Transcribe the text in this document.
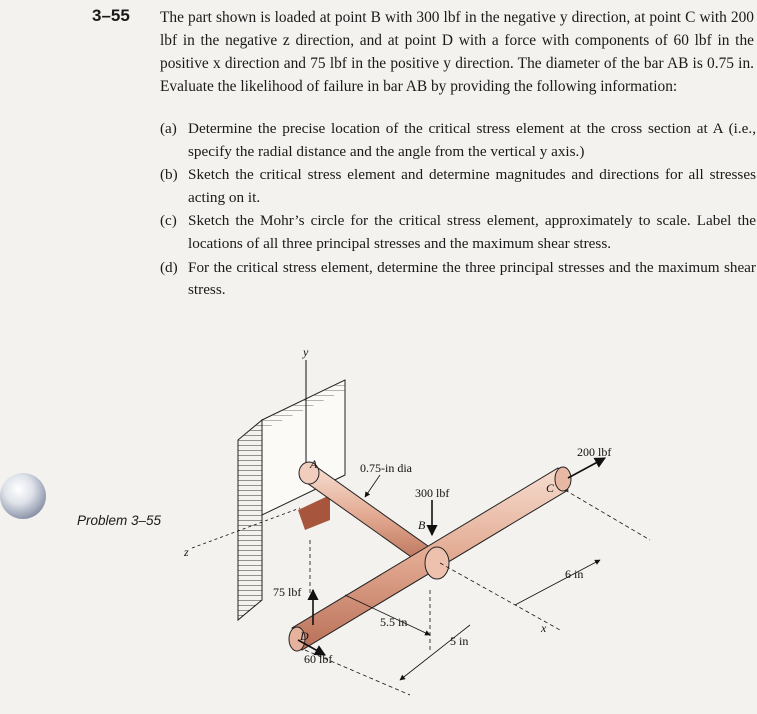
3–55 The part shown is loaded at point B with 300 lbf in the negative y direction, at point C with 200 lbf in the negative z direction, and at point D with a force with components of 60 lbf in the positive x direction and 75 lbf in the positive y direction. The diameter of the bar AB is 0.75 in. Evaluate the likelihood of failure in bar AB by providing the following information:
(a) Determine the precise location of the critical stress element at the cross section at A (i.e., specify the radial distance and the angle from the vertical y axis.)
(b) Sketch the critical stress element and determine magnitudes and directions for all stresses acting on it.
(c) Sketch the Mohr’s circle for the critical stress element, approximately to scale. Label the locations of all three principal stresses and the maximum shear stress.
(d) For the critical stress element, determine the three principal stresses and the maximum shear stress.
Problem 3–55
y
z
x
A
B
C
D
0.75-in dia
300 lbf
200 lbf
75 lbf
60 lbf
5.5 in
5 in
6 in
